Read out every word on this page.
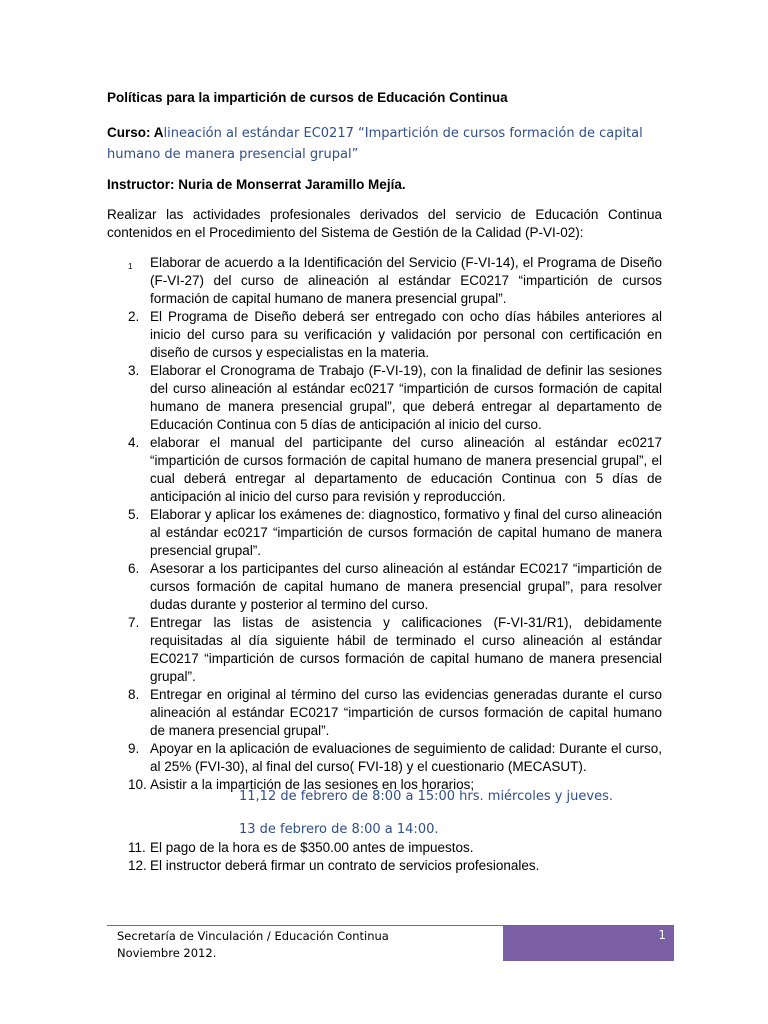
Políticas para la impartición de cursos de Educación Continua
Curso: Alineación al estándar EC0217 “Impartición de cursos formación de capital humano de manera presencial grupal”
Instructor: Nuria de Monserrat Jaramillo Mejía.
Realizar las actividades profesionales derivados del servicio de Educación Continua contenidos en el Procedimiento del Sistema de Gestión de la Calidad (P-VI-02):
1 Elaborar de acuerdo a la Identificación del Servicio (F-VI-14), el Programa de Diseño (F-VI-27) del curso de alineación al estándar EC0217 “impartición de cursos formación de capital humano de manera presencial grupal”.
2. El Programa de Diseño deberá ser entregado con ocho días hábiles anteriores al inicio del curso para su verificación y validación por personal con certificación en diseño de cursos y especialistas en la materia.
3. Elaborar el Cronograma de Trabajo (F-VI-19), con la finalidad de definir las sesiones del curso alineación al estándar ec0217 “impartición de cursos formación de capital humano de manera presencial grupal”, que deberá entregar al departamento de Educación Continua con 5 días de anticipación al inicio del curso.
4. elaborar el manual del participante del curso alineación al estándar ec0217 “impartición de cursos formación de capital humano de manera presencial grupal”, el cual deberá entregar al departamento de educación Continua con 5 días de anticipación al inicio del curso para revisión y reproducción.
5. Elaborar y aplicar los exámenes de: diagnostico, formativo y final del curso alineación al estándar ec0217 “impartición de cursos formación de capital humano de manera presencial grupal”.
6. Asesorar a los participantes del curso alineación al estándar EC0217 “impartición de cursos formación de capital humano de manera presencial grupal”, para resolver dudas durante y posterior al termino del curso.
7. Entregar las listas de asistencia y calificaciones (F-VI-31/R1), debidamente requisitadas al día siguiente hábil de terminado el curso alineación al estándar EC0217 “impartición de cursos formación de capital humano de manera presencial grupal”.
8. Entregar en original al término del curso las evidencias generadas durante el curso alineación al estándar EC0217 “impartición de cursos formación de capital humano de manera presencial grupal”.
9. Apoyar en la aplicación de evaluaciones de seguimiento de calidad: Durante el curso, al 25% (FVI-30), al final del curso( FVI-18) y el cuestionario (MECASUT).
10. Asistir a la impartición de las sesiones en los horarios;
11,12 de febrero de 8:00 a 15:00 hrs. miércoles y jueves.
13 de febrero de 8:00 a 14:00.
11. El pago de la hora es de $350.00 antes de impuestos.
12. El instructor deberá firmar un contrato de servicios profesionales.
1
Secretaría de Vinculación / Educación Continua
Noviembre 2012.
